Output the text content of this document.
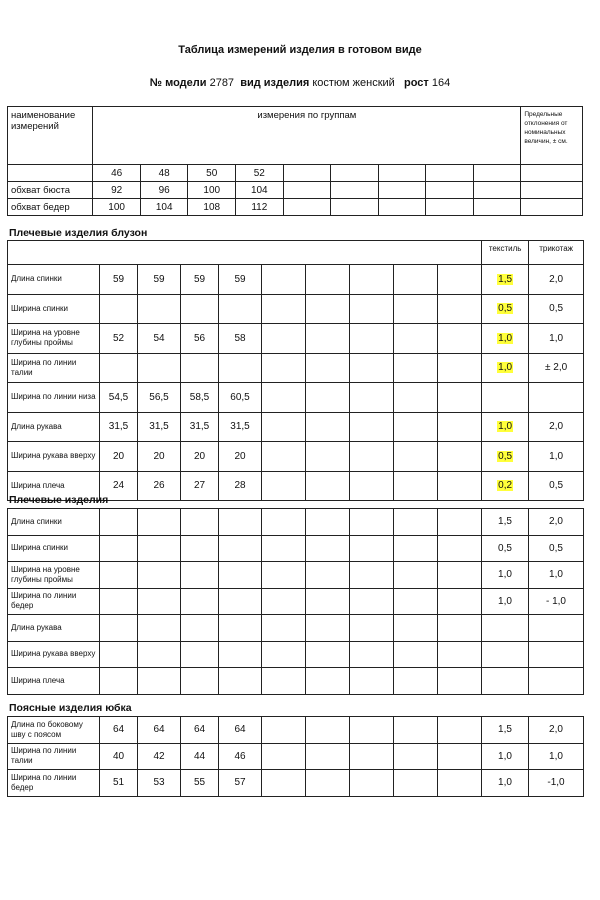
Таблица измерений изделия в готовом виде
№ модели 2787 вид изделия костюм женский рост 164
наименование измерений	измерения по группам									Предельные отклонения от номинальных величин, ± см.
	46	48	50	52						
обхват бюста	92	96	100	104						
обхват бедер	100	104	108	112						
Плечевые изделия блузон
										текстиль	трикотаж
Длина спинки	59	59	59	59						1,5	2,0
Ширина спинки										0,5	0,5
Ширина на уровне глубины проймы	52	54	56	58						1,0	1,0
Ширина по линии талии										1,0	± 2,0
Ширина по линии низа	54,5	56,5	58,5	60,5							
Длина рукава	31,5	31,5	31,5	31,5						1,0	2,0
Ширина рукава вверху	20	20	20	20						0,5	1,0
Ширина плеча	24	26	27	28						0,2	0,5
Плечевые изделия
Длина спинки										1,5	2,0
Ширина спинки										0,5	0,5
Ширина на уровне глубины проймы										1,0	1,0
Ширина по линии бедер										1,0	- 1,0
Длина рукава											
Ширина рукава вверху											
Ширина плеча											
Поясные изделия юбка
Длина по боковому шву с поясом	64	64	64	64						1,5	2,0
Ширина по линии талии	40	42	44	46						1,0	1,0
Ширина по линии бедер	51	53	55	57						1,0	-1,0
